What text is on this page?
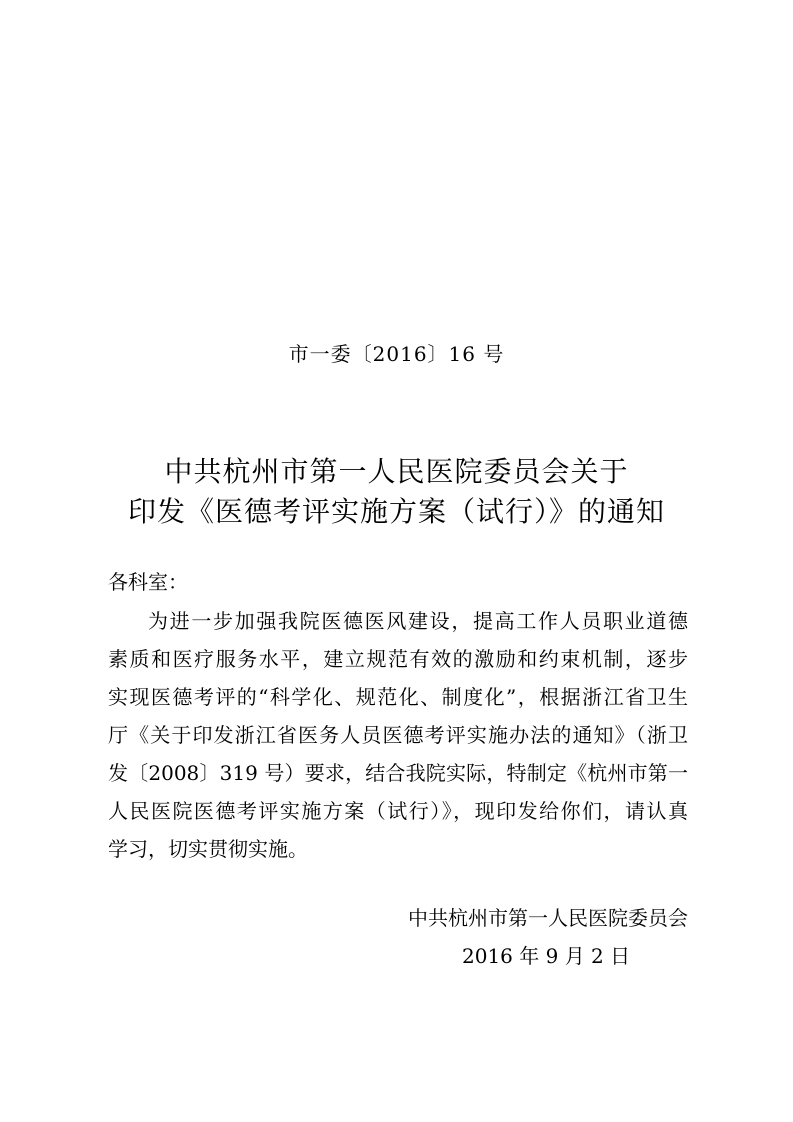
市一委〔2016〕16 号
中共杭州市第一人民医院委员会关于
印发《医德考评实施方案（试行）》的通知
各科室：
为进一步加强我院医德医风建设，提高工作人员职业道德
素质和医疗服务水平，建立规范有效的激励和约束机制，逐步
实现医德考评的“科学化、规范化、制度化”，根据浙江省卫生
厅《关于印发浙江省医务人员医德考评实施办法的通知》（浙卫
发〔2008〕319 号）要求，结合我院实际，特制定《杭州市第一
人民医院医德考评实施方案（试行）》，现印发给你们，请认真
学习，切实贯彻实施。
中共杭州市第一人民医院委员会
2016 年 9 月 2 日
